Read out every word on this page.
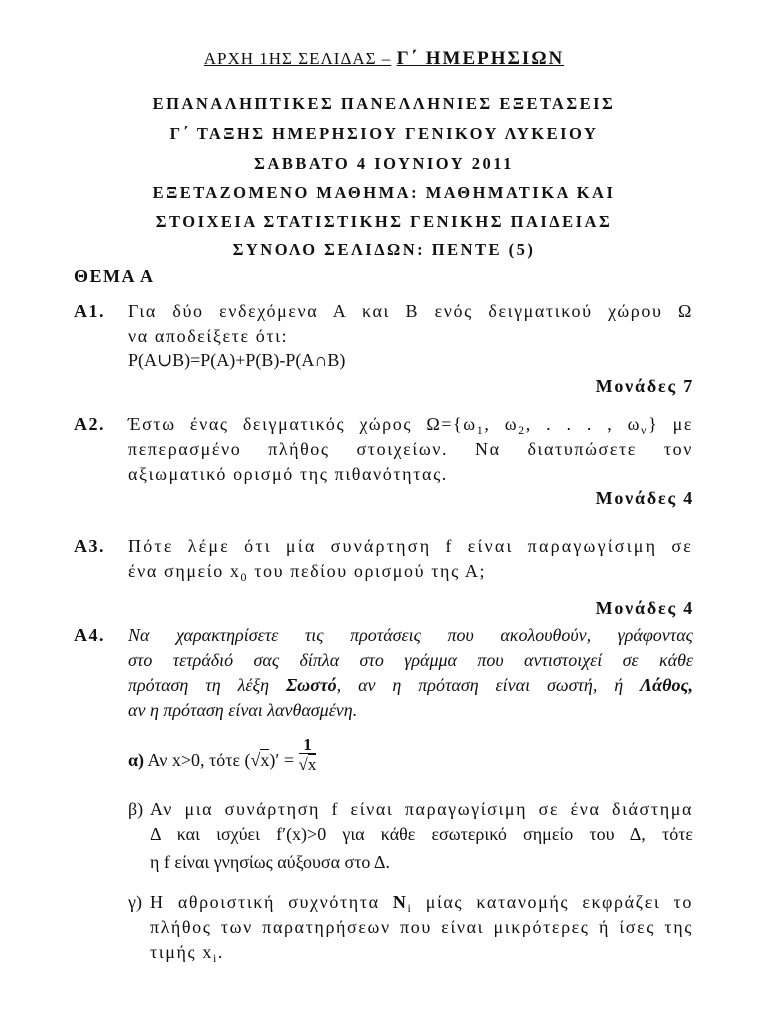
ΑΡΧΗ 1ΗΣ ΣΕΛΙΔΑΣ – Γ΄ ΗΜΕΡΗΣΙΩΝ
ΕΠΑΝΑΛΗΠΤΙΚΕΣ ΠΑΝΕΛΛΗΝΙΕΣ ΕΞΕΤΑΣΕΙΣ
Γ΄ ΤΑΞΗΣ ΗΜΕΡΗΣΙΟΥ ΓΕΝΙΚΟΥ ΛΥΚΕΙΟΥ
ΣΑΒΒΑΤΟ 4 ΙΟΥΝΙΟΥ 2011
ΕΞΕΤΑΖΟΜΕΝΟ ΜΑΘΗΜΑ: ΜΑΘΗΜΑΤΙΚΑ ΚΑΙ
ΣΤΟΙΧΕΙΑ ΣΤΑΤΙΣΤΙΚΗΣ ΓΕΝΙΚΗΣ ΠΑΙΔΕΙΑΣ
ΣΥΝΟΛΟ ΣΕΛΙΔΩΝ: ΠΕΝΤΕ (5)
ΘΕΜΑ Α
Α1. Για δύο ενδεχόμενα Α και Β ενός δειγματικού χώρου Ω
να αποδείξετε ότι:
P(A∪B)=P(A)+P(B)-P(A∩B)
Μονάδες 7
Α2. Έστω ένας δειγματικός χώρος $\Omega=\{\omega_1$, $\omega_2$, . . . , $\omega_\nu$} με
πεπερασμένο πλήθος στοιχείων. Να διατυπώσετε τον
αξιωματικό ορισμό της πιθανότητας.
Μονάδες 4
Α3. Πότε λέμε ότι μία συνάρτηση f είναι παραγωγίσιμη σε
ένα σημείο $x_0$ του πεδίου ορισμού της Α;
Μονάδες 4
Α4. Να χαρακτηρίσετε τις προτάσεις που ακολουθούν, γράφοντας
στο τετράδιό σας δίπλα στο γράμμα που αντιστοιχεί σε κάθε
πρόταση τη λέξη Σωστό, αν η πρόταση είναι σωστή, ή Λάθος,
αν η πρόταση είναι λανθασμένη.
α) Αν x>0, τότε $(√x)' = \frac{1}{√x}$
β) Αν μια συνάρτηση f είναι παραγωγίσιμη σε ένα διάστημα
Δ και ισχύει f′(x)>0 για κάθε εσωτερικό σημείο του Δ, τότε
η f είναι γνησίως αύξουσα στο Δ.
γ) Η αθροιστική συχνότητα $N_i$ μίας κατανομής εκφράζει το
πλήθος των παρατηρήσεων που είναι μικρότερες ή ίσες της
τιμής $x_i$.
